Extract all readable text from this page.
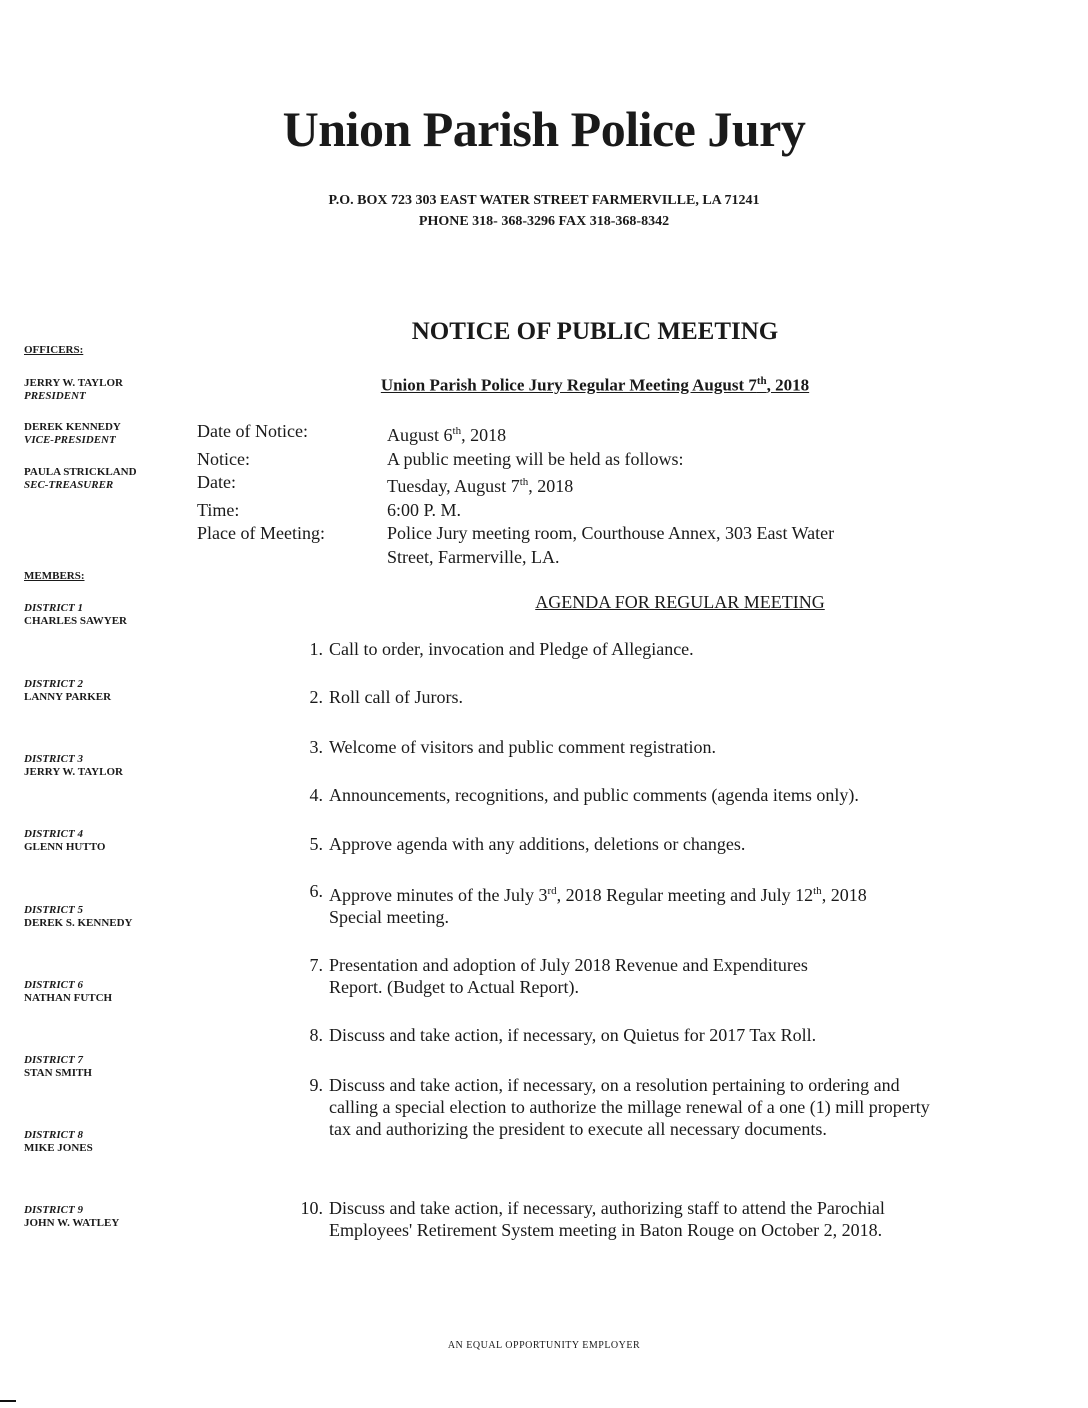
Union Parish Police Jury
P.O. BOX 723 303 EAST WATER STREET FARMERVILLE, LA 71241
PHONE 318- 368-3296 FAX 318-368-8342
OFFICERS:
JERRY W. TAYLOR
PRESIDENT
DEREK KENNEDY
VICE-PRESIDENT
PAULA STRICKLAND
SEC-TREASURER
MEMBERS:
DISTRICT 1
CHARLES SAWYER
DISTRICT 2
LANNY PARKER
DISTRICT 3
JERRY W. TAYLOR
DISTRICT 4
GLENN HUTTO
DISTRICT 5
DEREK S. KENNEDY
DISTRICT 6
NATHAN FUTCH
DISTRICT 7
STAN SMITH
DISTRICT 8
MIKE JONES
DISTRICT 9
JOHN W. WATLEY
NOTICE OF PUBLIC MEETING
Union Parish Police Jury Regular Meeting August 7th, 2018
Date of Notice:	August 6th, 2018
Notice:	A public meeting will be held as follows:
Date:	Tuesday, August 7th, 2018
Time:	6:00 P. M.
Place of Meeting:	Police Jury meeting room, Courthouse Annex, 303 East Water
Street, Farmerville, LA.
AGENDA FOR REGULAR MEETING
1. Call to order, invocation and Pledge of Allegiance.
2. Roll call of Jurors.
3. Welcome of visitors and public comment registration.
4. Announcements, recognitions, and public comments (agenda items only).
5. Approve agenda with any additions, deletions or changes.
6. Approve minutes of the July 3rd, 2018 Regular meeting and July 12th, 2018
Special meeting.
7. Presentation and adoption of July 2018 Revenue and Expenditures
Report. (Budget to Actual Report).
8. Discuss and take action, if necessary, on Quietus for 2017 Tax Roll.
9. Discuss and take action, if necessary, on a resolution pertaining to ordering and calling a special election to authorize the millage renewal of a one (1) mill property tax and authorizing the president to execute all necessary documents.
10. Discuss and take action, if necessary, authorizing staff to attend the Parochial Employees' Retirement System meeting in Baton Rouge on October 2, 2018.
AN EQUAL OPPORTUNITY EMPLOYER
